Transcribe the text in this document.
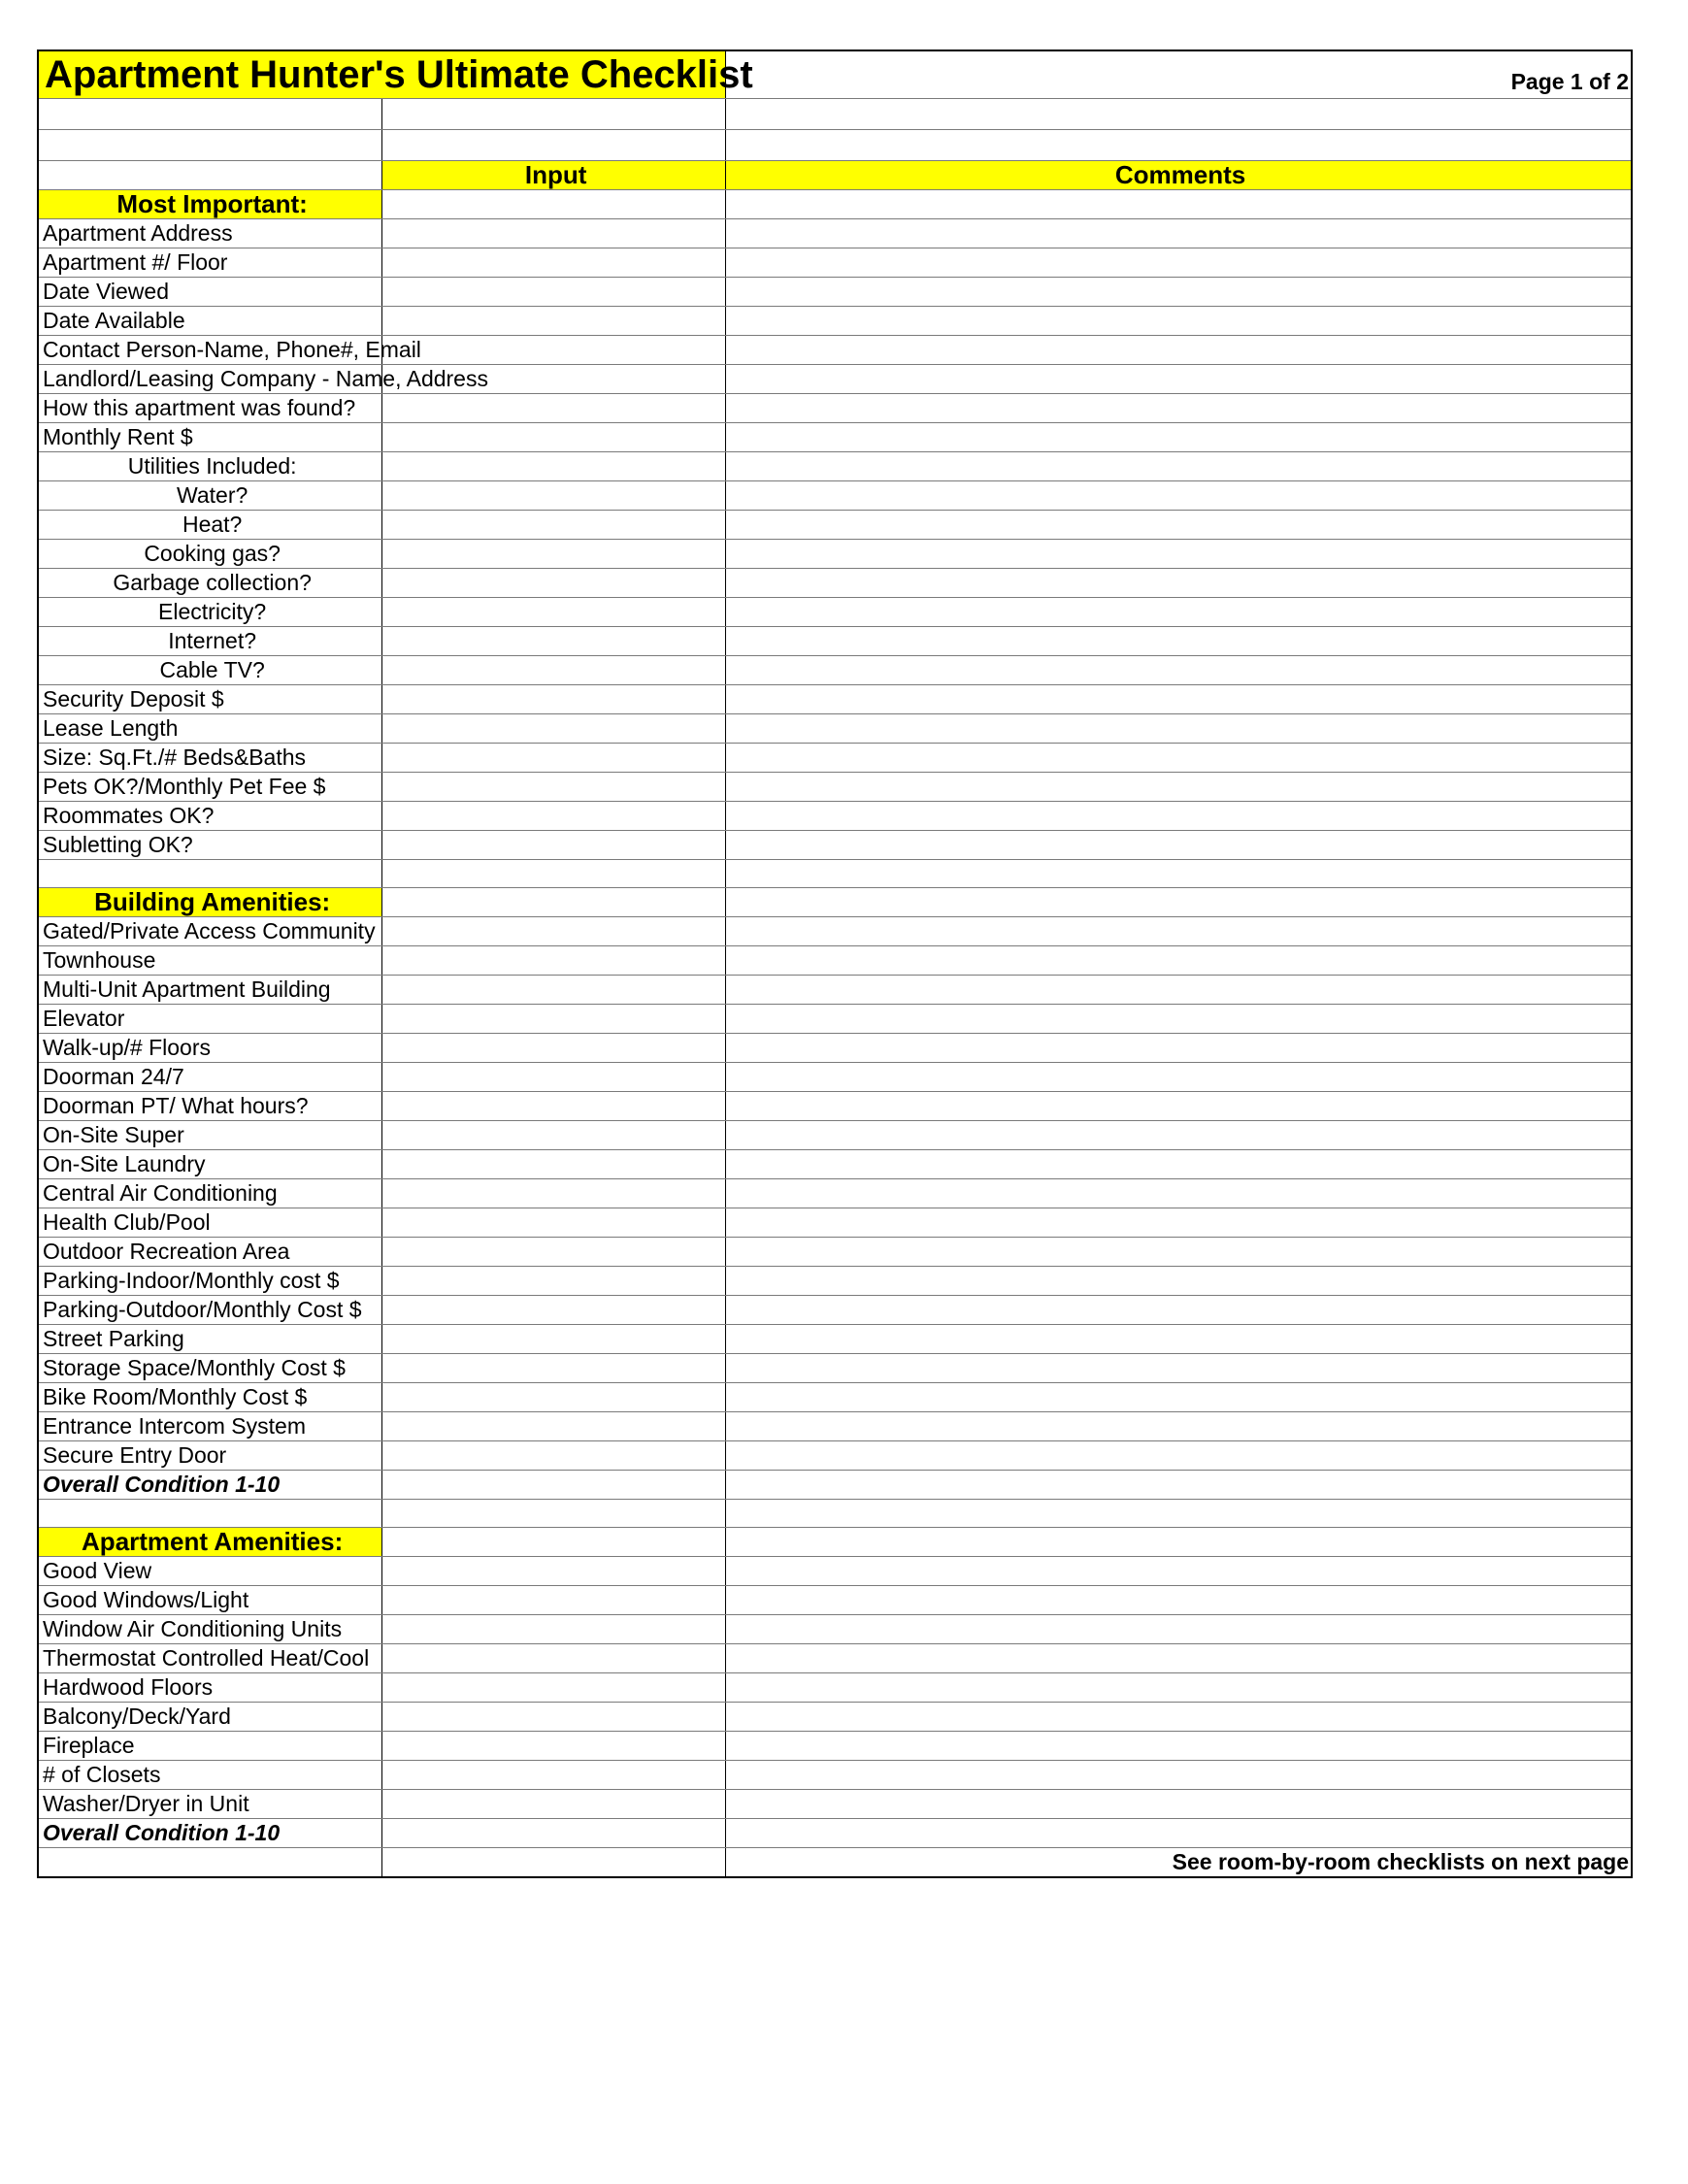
Apartment Hunter's Ultimate Checklist		Page 1 of 2

	Input	Comments
Most Important:		
Apartment Address		
Apartment #/ Floor		
Date Viewed		
Date Available		
Contact Person-Name, Phone#, Email		
Landlord/Leasing Company - Name, Address		
How this apartment was found?		
Monthly Rent $		
Utilities Included:		
Water?		
Heat?		
Cooking gas?		
Garbage collection?		
Electricity?		
Internet?		
Cable TV?		
Security Deposit $		
Lease Length		
Size: Sq.Ft./# Beds&Baths		
Pets OK?/Monthly Pet Fee $		
Roommates OK?		
Subletting OK?		

Building Amenities:		
Gated/Private Access Community		
Townhouse		
Multi-Unit Apartment Building		
Elevator		
Walk-up/# Floors		
Doorman 24/7		
Doorman PT/ What hours?		
On-Site Super		
On-Site Laundry		
Central Air Conditioning		
Health Club/Pool		
Outdoor Recreation Area		
Parking-Indoor/Monthly cost $		
Parking-Outdoor/Monthly Cost $		
Street Parking		
Storage Space/Monthly Cost $		
Bike Room/Monthly Cost $		
Entrance Intercom System		
Secure Entry Door		
Overall Condition 1-10		

Apartment Amenities:		
Good View		
Good Windows/Light		
Window Air Conditioning Units		
Thermostat Controlled Heat/Cool		
Hardwood Floors		
Balcony/Deck/Yard		
Fireplace		
# of Closets		
Washer/Dryer in Unit		
Overall Condition 1-10		
		See room-by-room checklists on next page
